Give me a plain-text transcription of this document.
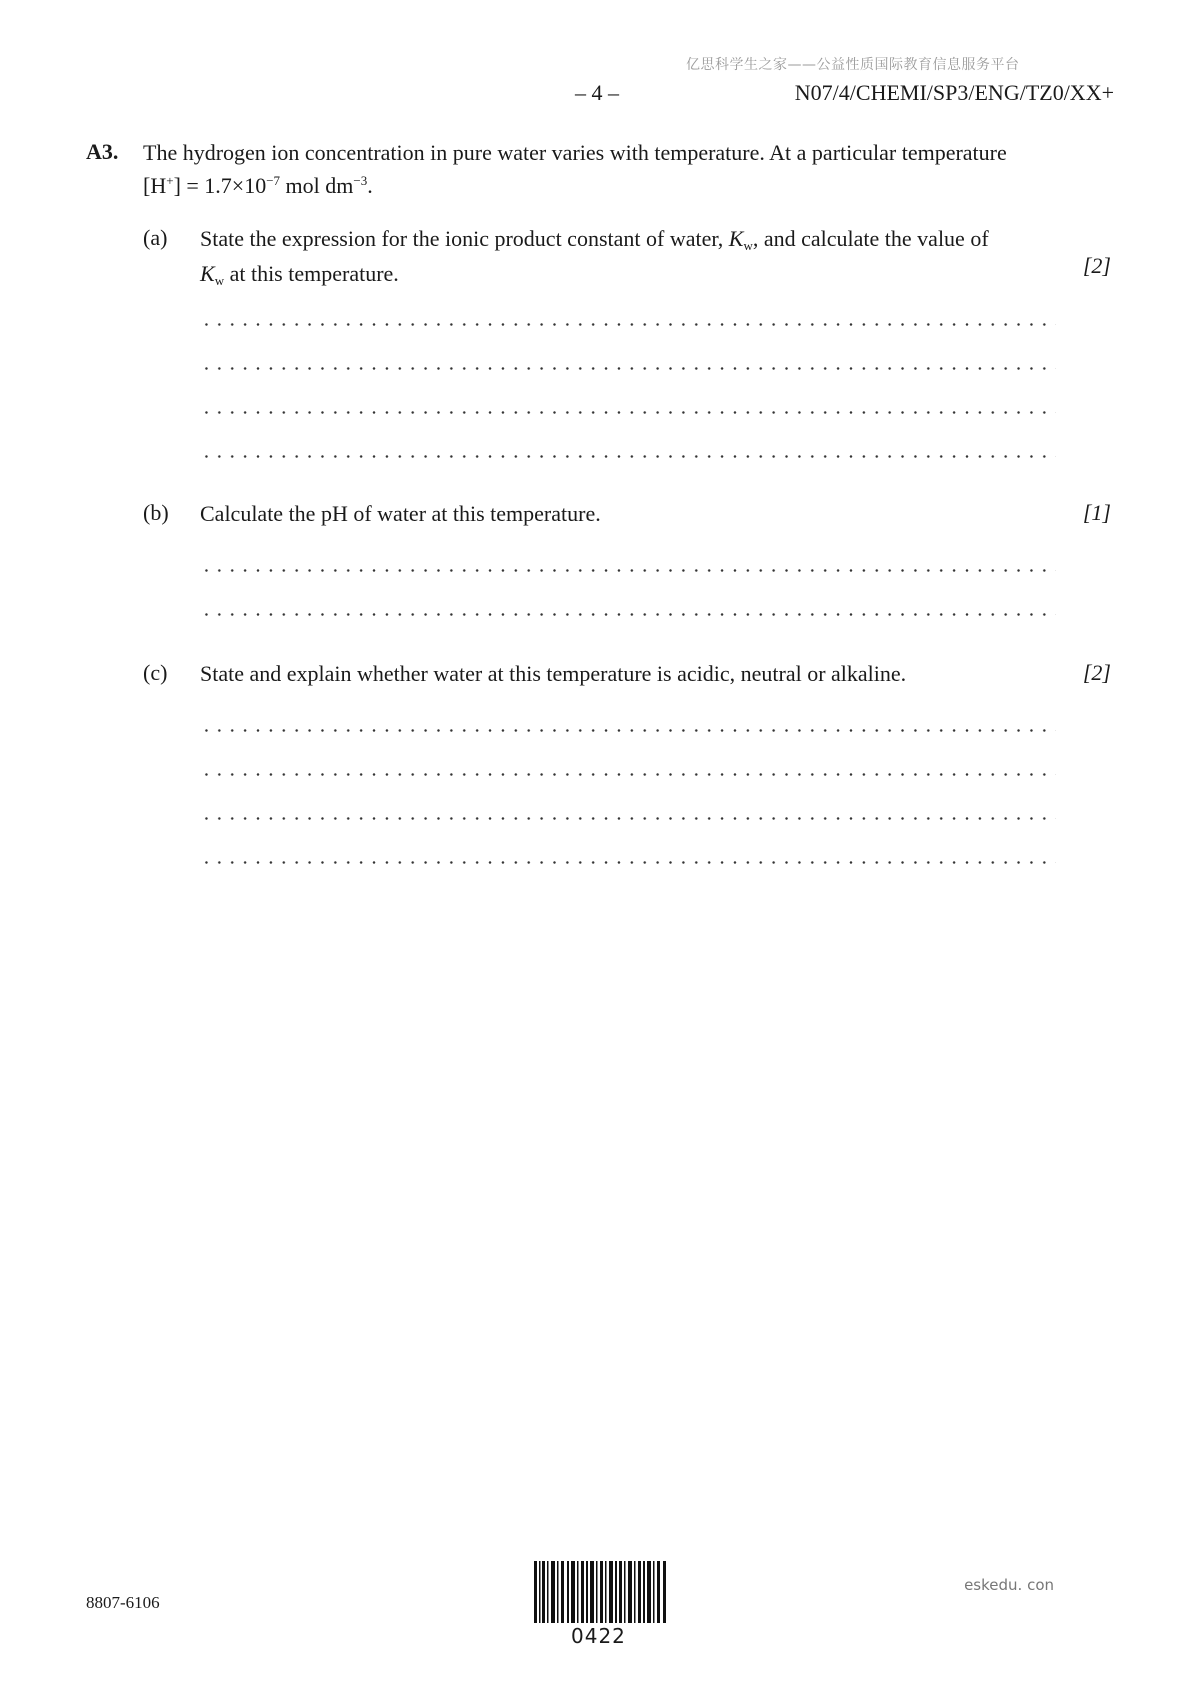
亿思科学生之家——公益性质国际教育信息服务平台
– 4 –	N07/4/CHEMI/SP3/ENG/TZ0/XX+
A3. The hydrogen ion concentration in pure water varies with temperature. At a particular temperature
$[H^+] = 1.7\times 10^{-7}$ mol $dm^{-3}$.
(a) State the expression for the ionic product constant of water, $K_w$, and calculate the value of
$K_w$ at this temperature.	[2]
(b) Calculate the pH of water at this temperature.	[1]
(c) State and explain whether water at this temperature is acidic, neutral or alkaline.	[2]
8807-6106
0422
eskedu. con
